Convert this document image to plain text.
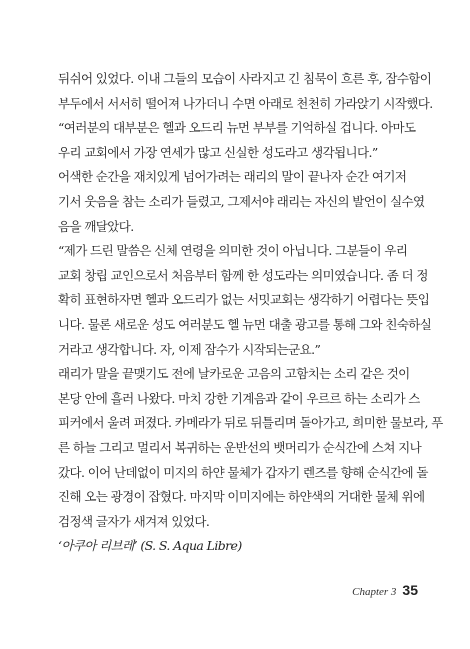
뒤쉬어 있었다. 이내 그들의 모습이 사라지고 긴 침묵이 흐른 후, 잠수함이
부두에서 서서히 떨어져 나가더니 수면 아래로 천천히 가라앉기 시작했다.
“여러분의 대부분은 헬과 오드리 뉴먼 부부를 기억하실 겁니다. 아마도
우리 교회에서 가장 연세가 많고 신실한 성도라고 생각됩니다.”
어색한 순간을 재치있게 넘어가려는 래리의 말이 끝나자 순간 여기저
기서 웃음을 참는 소리가 들렸고, 그제서야 래리는 자신의 발언이 실수였
음을 깨달았다.
“제가 드린 말씀은 신체 연령을 의미한 것이 아닙니다. 그분들이 우리
교회 창립 교인으로서 처음부터 함께 한 성도라는 의미였습니다. 좀 더 정
확히 표현하자면 헬과 오드리가 없는 서밋교회는 생각하기 어렵다는 뜻입
니다. 물론 새로운 성도 여러분도 헬 뉴먼 대출 광고를 통해 그와 친숙하실
거라고 생각합니다. 자, 이제 잠수가 시작되는군요.”
래리가 말을 끝맺기도 전에 날카로운 고음의 고함치는 소리 같은 것이
본당 안에 흘러 나왔다. 마치 강한 기계음과 같이 우르르 하는 소리가 스
피커에서 울려 퍼졌다. 카메라가 뒤로 뒤틀리며 돌아가고, 희미한 물보라, 푸
른 하늘 그리고 멀리서 복귀하는 운반선의 뱃머리가 순식간에 스쳐 지나
갔다. 이어 난데없이 미지의 하얀 물체가 갑자기 렌즈를 향해 순식간에 돌
진해 오는 광경이 잡혔다. 마지막 이미지에는 하얀색의 거대한 물체 위에
검정색 글자가 새겨져 있었다.
‘아쿠아 리브레’ (S. S. Aqua Libre)
Chapter 3 35
